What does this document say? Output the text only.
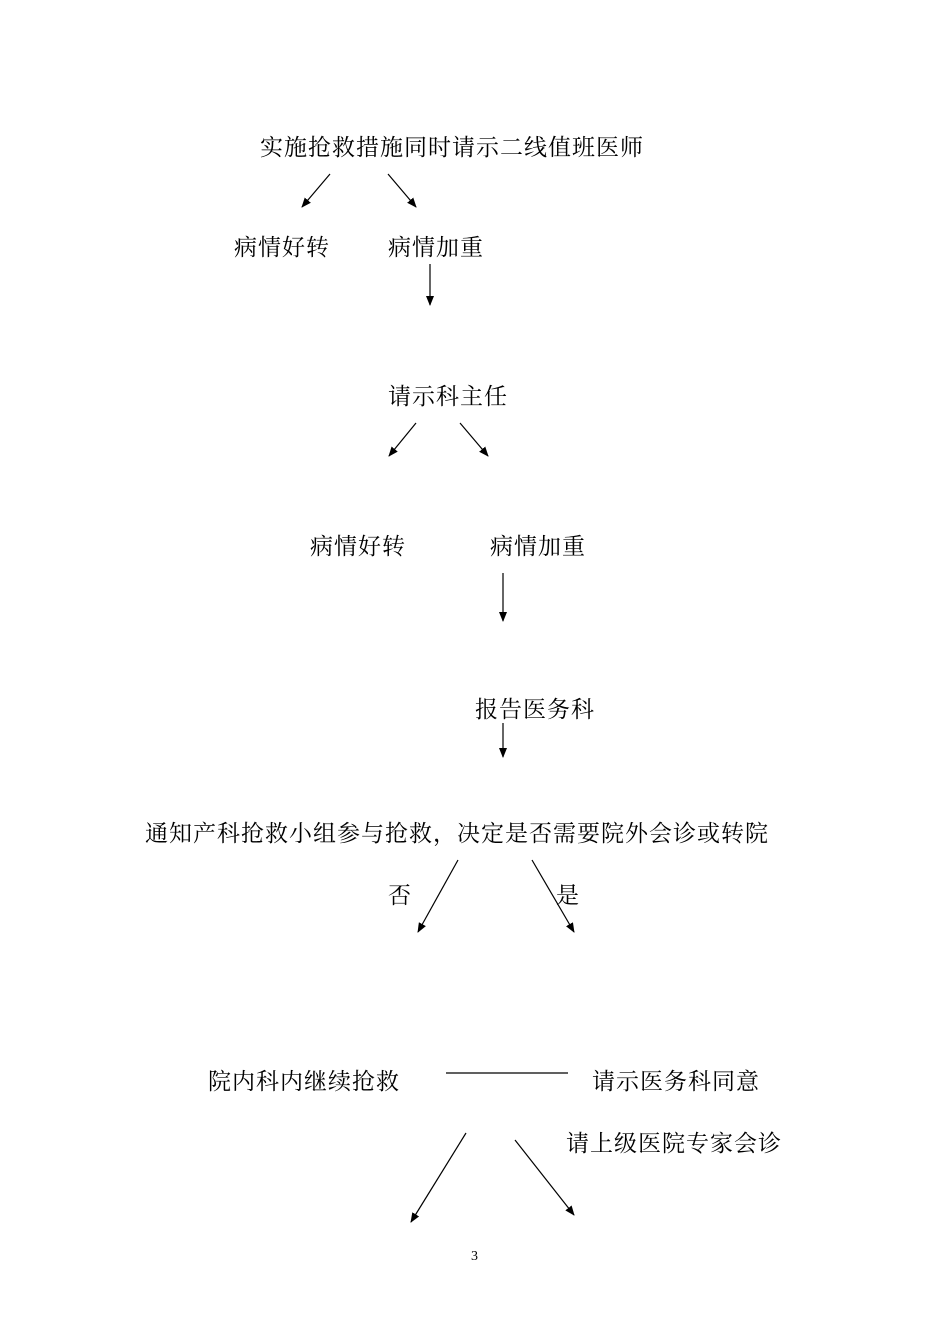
实施抢救措施同时请示二线值班医师
病情好转	病情加重
请示科主任
病情好转	病情加重
报告医务科
通知产科抢救小组参与抢救，决定是否需要院外会诊或转院
否	是
院内科内继续抢救	请示医务科同意
请上级医院专家会诊
3
